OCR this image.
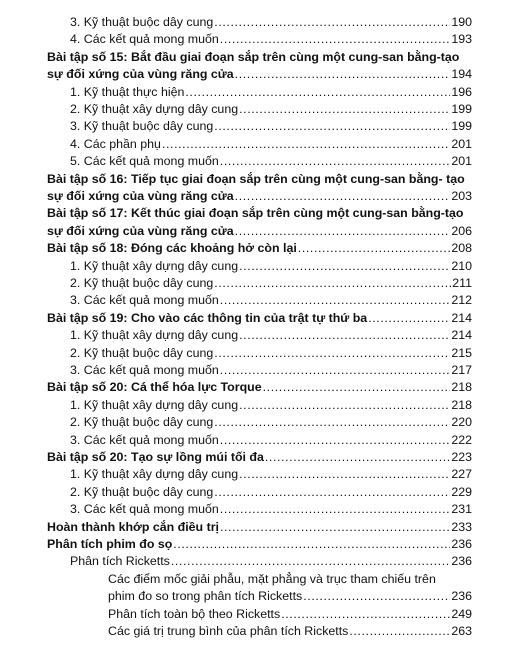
3. Kỹ thuật buộc dây cung .....	190
4. Các kết quả mong muốn .....	193
Bài tập số 15: Bắt đầu giai đoạn sắp trên cùng một cung-san bằng-tạo
sự đối xứng của vùng răng cửa .....	194
1. Kỹ thuật thực hiện .....	196
2. Kỹ thuật xây dựng dây cung .....	199
3. Kỹ thuật buộc dây cung .....	199
4. Các phần phụ .....	201
5. Các kết quả mong muốn .....	201
Bài tập số 16: Tiếp tục giai đoạn sắp trên cùng một cung-san bằng- tạo
sự đối xứng của vùng răng cửa .....	203
Bài tập số 17: Kết thúc giai đoạn sắp trên cùng một cung-san bằng-tạo
sự đối xứng của vùng răng cửa .....	206
Bài tập số 18: Đóng các khoảng hở còn lại .....	208
1. Kỹ thuật xây dựng dây cung .....	210
2. Kỹ thuật buộc dây cung .....	211
3. Các kết quả mong muốn .....	212
Bài tập số 19: Cho vào các thông tin của trật tự thứ ba .....	214
1. Kỹ thuật xây dựng dây cung .....	214
2. Kỹ thuật buộc dây cung .....	215
3. Các kết quả mong muốn .....	217
Bài tập số 20: Cá thể hóa lực Torque .....	218
1. Kỹ thuật xây dựng dây cung .....	218
2. Kỹ thuật buộc dây cung .....	220
3. Các kết quả mong muốn .....	222
Bài tập số 20: Tạo sự lồng múi tối đa .....	223
1. Kỹ thuật xây dựng dây cung .....	227
2. Kỹ thuật buộc dây cung .....	229
3. Các kết quả mong muốn .....	231
Hoàn thành khớp cắn điều trị .....	233
Phân tích phim đo sọ .....	236
Phân tích Ricketts .....	236
Các điểm mốc giải phẫu, mặt phẳng và trục tham chiếu trên
phim đo so trong phân tích Ricketts .....	236
Phân tích toàn bộ theo Ricketts .....	249
Các giá trị trung bình của phân tích Ricketts .....	263
